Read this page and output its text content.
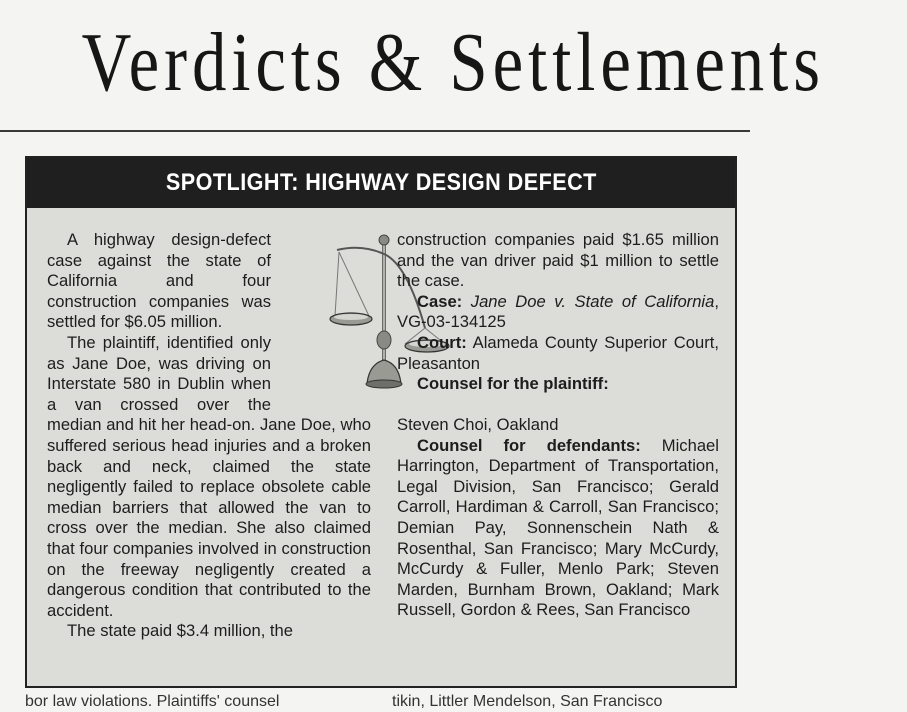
Verdicts & Settlements
SPOTLIGHT: HIGHWAY DESIGN DEFECT

A highway design-defect case against the state of California and four construction companies was settled for $6.05 million.

The plaintiff, identified only as Jane Doe, was driving on Interstate 580 in Dublin when a van crossed over the median and hit her head-on. Jane Doe, who suffered serious head injuries and a broken back and neck, claimed the state negligently failed to replace obsolete cable median barriers that allowed the van to cross over the median. She also claimed that four companies involved in construction on the freeway negligently created a dangerous condition that contributed to the accident.

The state paid $3.4 million, the

construction companies paid $1.65 million and the van driver paid $1 million to settle the case.

Case: Jane Doe v. State of California, VG-03-134125

Court: Alameda County Superior Court, Pleasanton

Counsel for the plaintiff:

Steven Choi, Oakland

Counsel for defendants: Michael Harrington, Department of Transportation, Legal Division, San Francisco; Gerald Carroll, Hardiman & Carroll, San Francisco; Demian Pay, Sonnenschein Nath & Rosenthal, San Francisco; Mary McCurdy, McCurdy & Fuller, Menlo Park; Steven Marden, Burnham Brown, Oakland; Mark Russell, Gordon & Rees, San Francisco

bor law violations. Plaintiffs' counsel	tikin, Littler Mendelson, San Francisco
